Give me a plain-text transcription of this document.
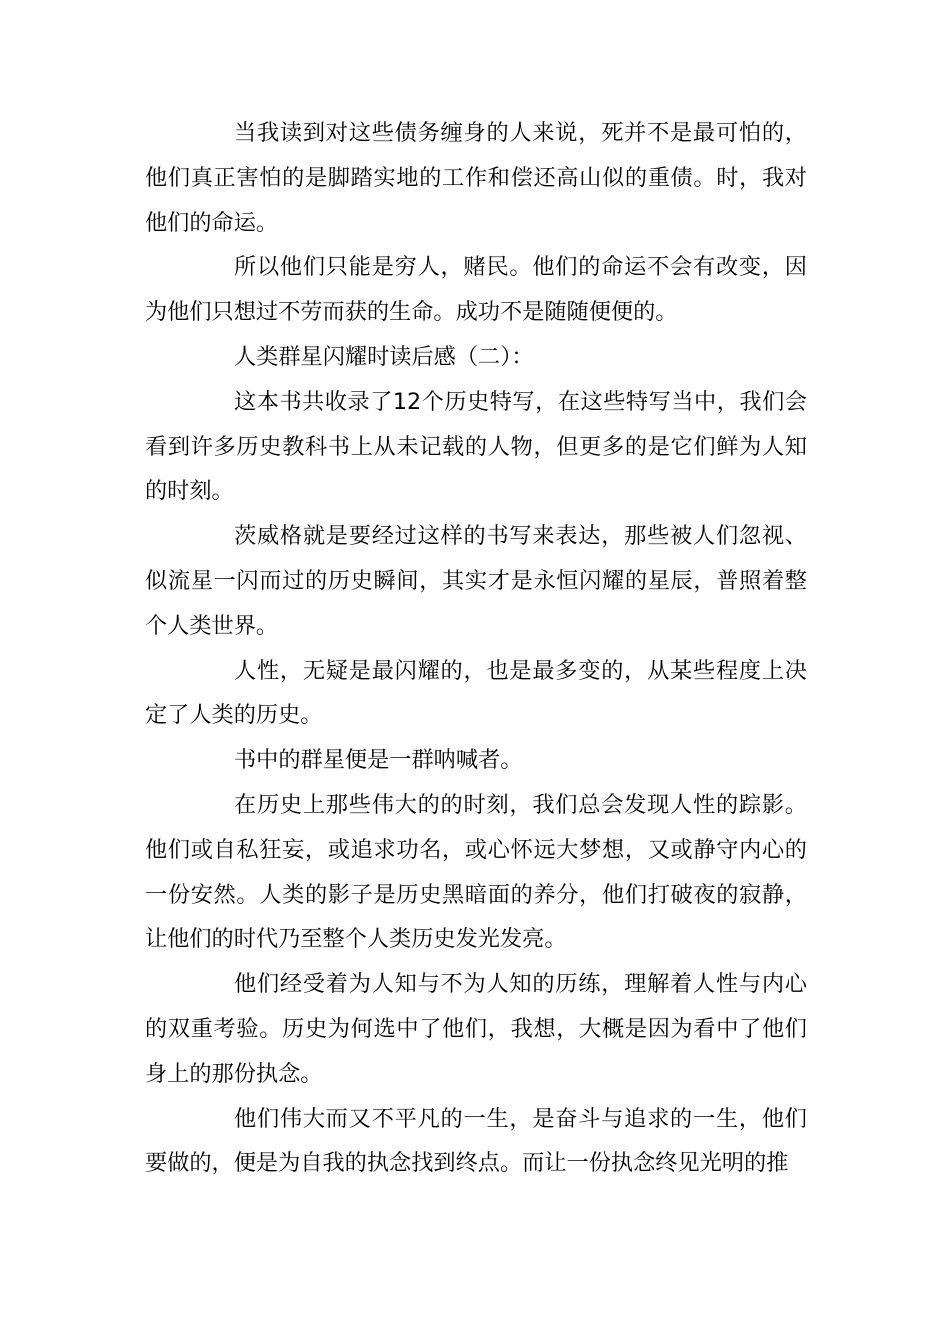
当我读到对这些债务缠身的人来说，死并不是最可怕的，他们真正害怕的是脚踏实地的工作和偿还高山似的重债。时，我对他们的命运。

所以他们只能是穷人，赌民。他们的命运不会有改变，因为他们只想过不劳而获的生命。成功不是随随便便的。

人类群星闪耀时读后感（二）：

这本书共收录了12个历史特写，在这些特写当中，我们会看到许多历史教科书上从未记载的人物，但更多的是它们鲜为人知的时刻。

茨威格就是要经过这样的书写来表达，那些被人们忽视、似流星一闪而过的历史瞬间，其实才是永恒闪耀的星辰，普照着整个人类世界。

人性，无疑是最闪耀的，也是最多变的，从某些程度上决定了人类的历史。

书中的群星便是一群呐喊者。

在历史上那些伟大的的时刻，我们总会发现人性的踪影。他们或自私狂妄，或追求功名，或心怀远大梦想，又或静守内心的一份安然。人类的影子是历史黑暗面的养分，他们打破夜的寂静，让他们的时代乃至整个人类历史发光发亮。

他们经受着为人知与不为人知的历练，理解着人性与内心的双重考验。历史为何选中了他们，我想，大概是因为看中了他们身上的那份执念。

他们伟大而又不平凡的一生，是奋斗与追求的一生，他们要做的，便是为自我的执念找到终点。而让一份执念终见光明的推
